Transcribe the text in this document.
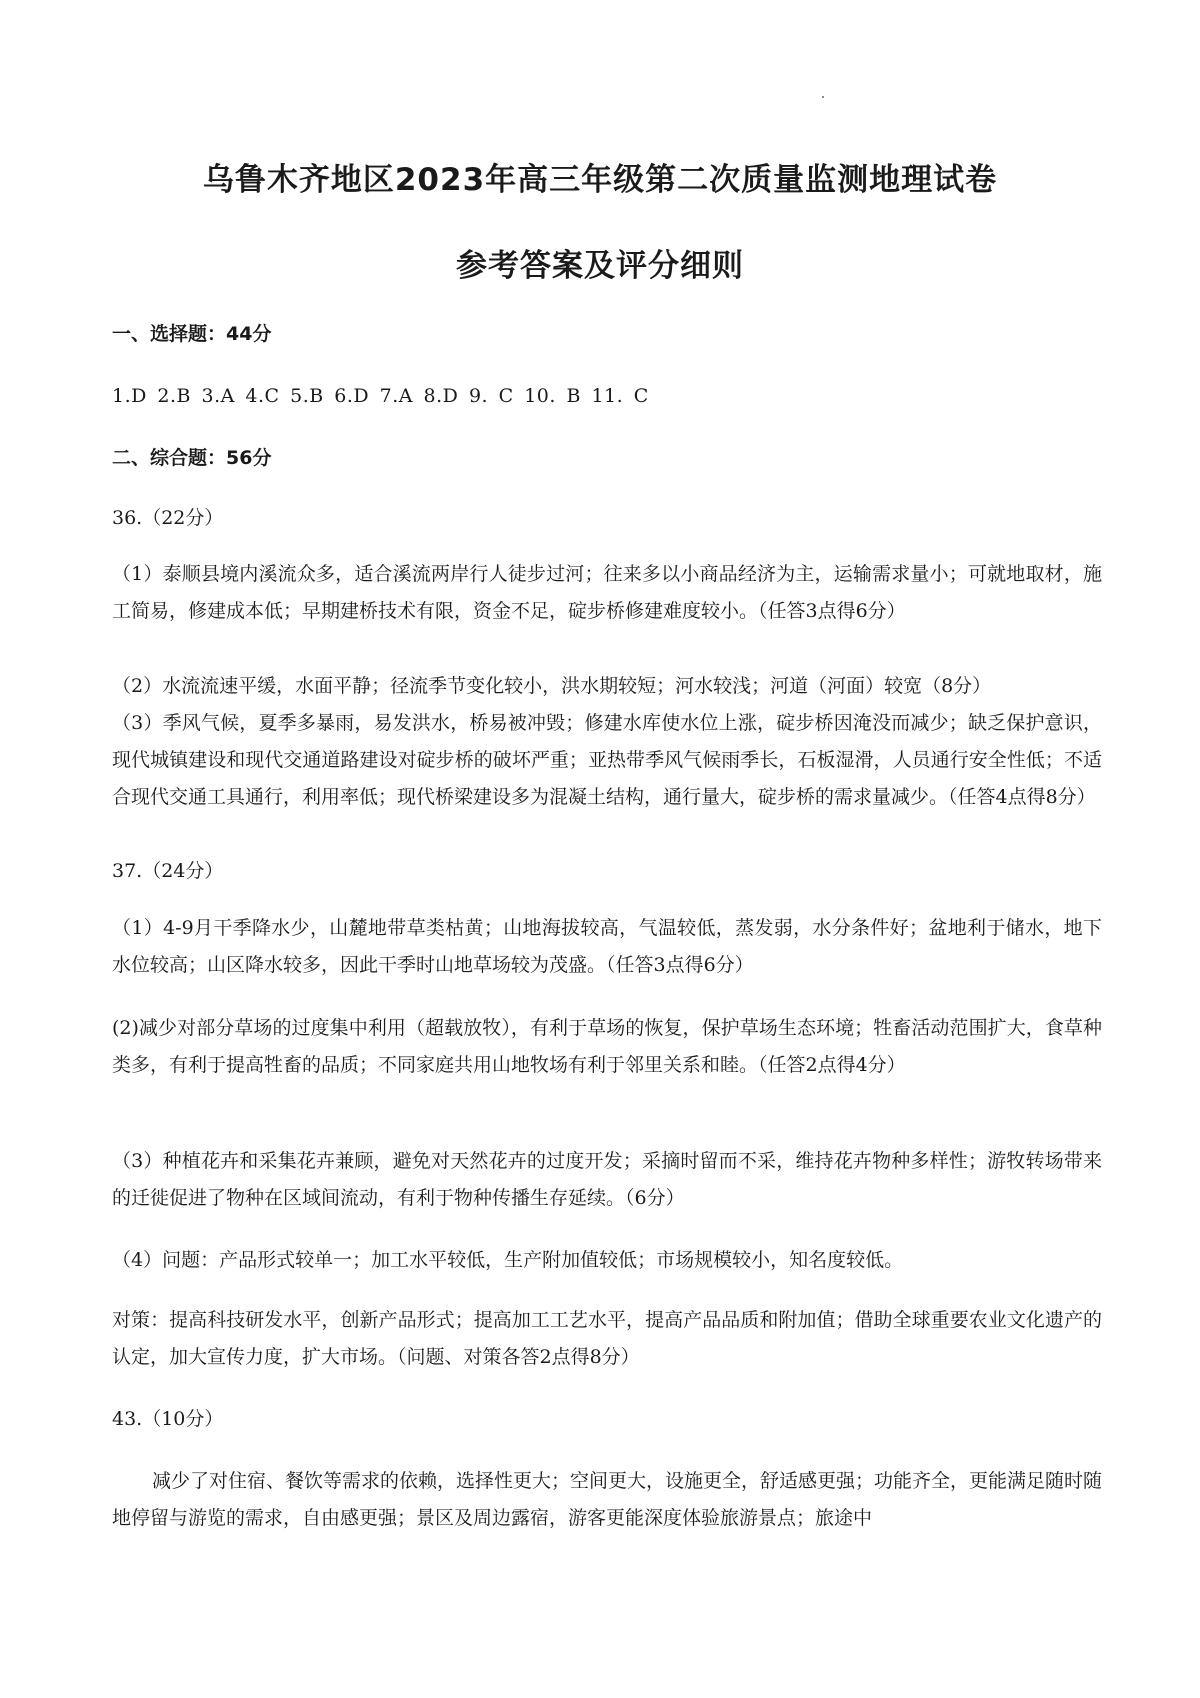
乌鲁木齐地区2023年高三年级第二次质量监测地理试卷
参考答案及评分细则
一、选择题：44分
1.D 2.B 3.A 4.C 5.B 6.D 7.A 8.D 9. C 10. B 11. C
二、综合题：56分
36.（22分）
（1）泰顺县境内溪流众多，适合溪流两岸行人徒步过河；往来多以小商品经济为主，运输需求量小；可就地取材，施工简易，修建成本低；早期建桥技术有限，资金不足，碇步桥修建难度较小。（任答3点得6分）
（2）水流流速平缓，水面平静；径流季节变化较小，洪水期较短；河水较浅；河道（河面）较宽（8分）
（3）季风气候，夏季多暴雨，易发洪水，桥易被冲毁；修建水库使水位上涨，碇步桥因淹没而减少；缺乏保护意识，现代城镇建设和现代交通道路建设对碇步桥的破坏严重；亚热带季风气候雨季长，石板湿滑，人员通行安全性低；不适合现代交通工具通行，利用率低；现代桥梁建设多为混凝土结构，通行量大，碇步桥的需求量减少。（任答4点得8分）
37.（24分）
（1）4-9月干季降水少，山麓地带草类枯黄；山地海拔较高，气温较低，蒸发弱，水分条件好；盆地利于储水，地下水位较高；山区降水较多，因此干季时山地草场较为茂盛。（任答3点得6分）
(2)减少对部分草场的过度集中利用（超载放牧），有利于草场的恢复，保护草场生态环境；牲畜活动范围扩大，食草种类多，有利于提高牲畜的品质；不同家庭共用山地牧场有利于邻里关系和睦。（任答2点得4分）
（3）种植花卉和采集花卉兼顾，避免对天然花卉的过度开发；采摘时留而不采，维持花卉物种多样性；游牧转场带来的迁徙促进了物种在区域间流动，有利于物种传播生存延续。（6分）
（4）问题：产品形式较单一；加工水平较低，生产附加值较低；市场规模较小，知名度较低。
对策：提高科技研发水平，创新产品形式；提高加工工艺水平，提高产品品质和附加值；借助全球重要农业文化遗产的认定，加大宣传力度，扩大市场。（问题、对策各答2点得8分）
43.（10分）
减少了对住宿、餐饮等需求的依赖，选择性更大；空间更大，设施更全，舒适感更强；功能齐全，更能满足随时随地停留与游览的需求，自由感更强；景区及周边露宿，游客更能深度体验旅游景点；旅途中
